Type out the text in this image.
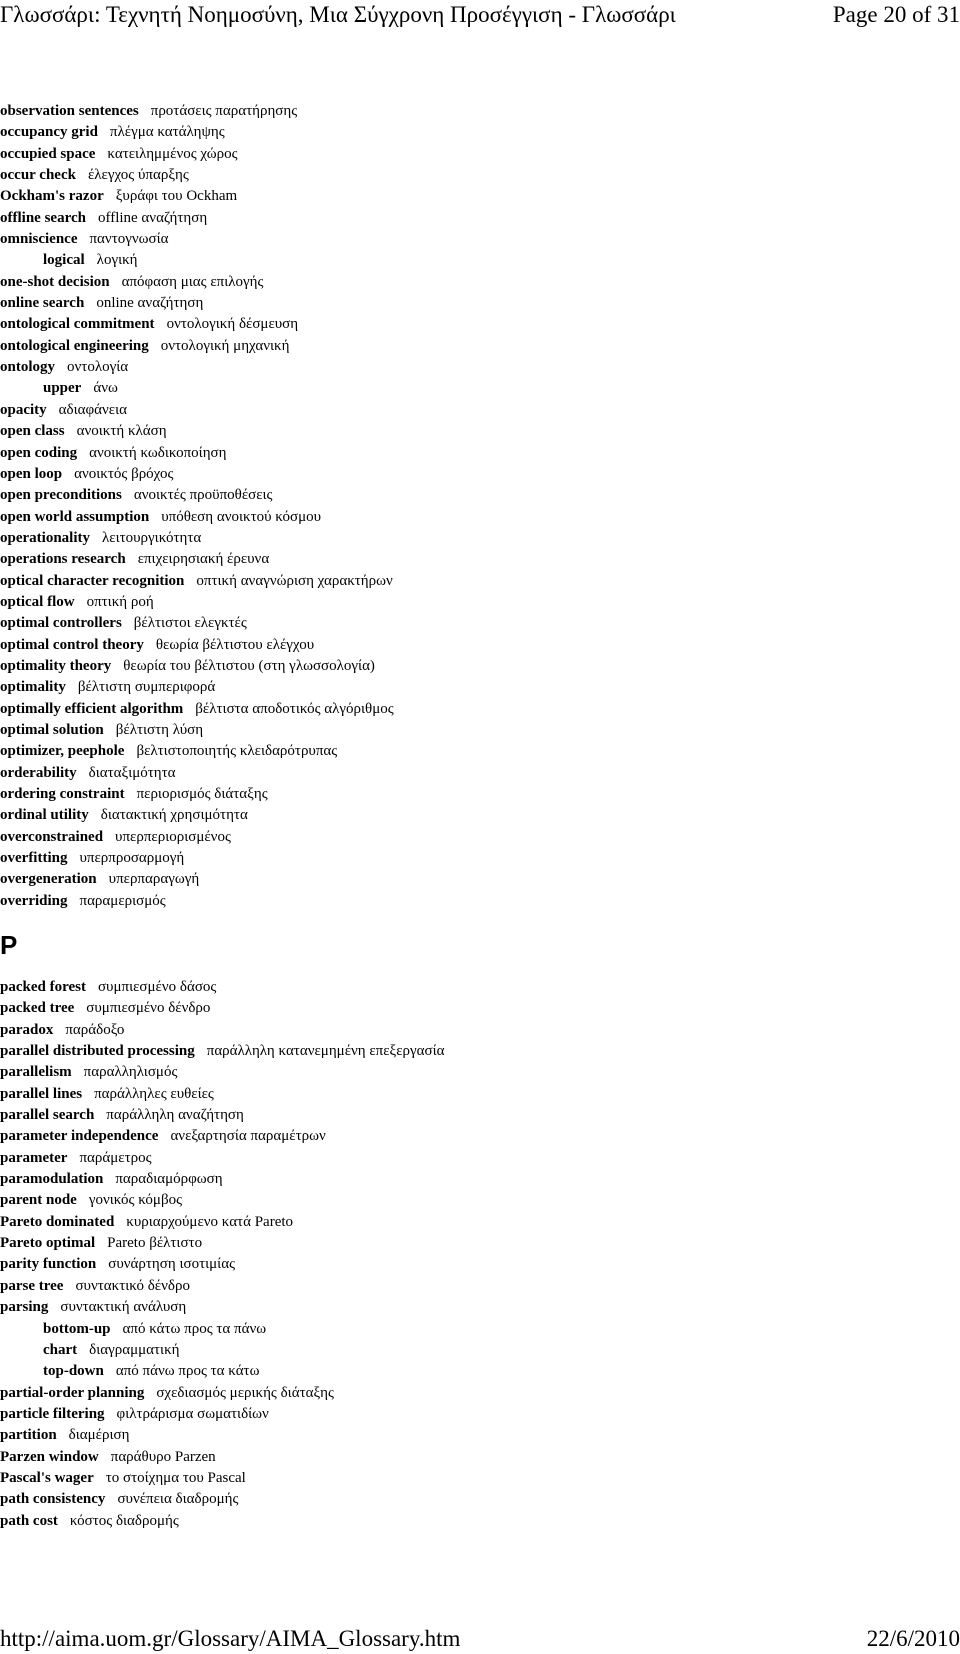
Γλωσσάρι: Τεχνητή Νοημοσύνη, Μια Σύγχρονη Προσέγγιση - Γλωσσάρι	Page 20 of 31
observation sentences προτάσεις παρατήρησης
occupancy grid πλέγμα κατάληψης
occupied space κατειλημμένος χώρος
occur check έλεγχος ύπαρξης
Ockham's razor ξυράφι του Ockham
offline search offline αναζήτηση
omniscience παντογνωσία
logical λογική
one-shot decision απόφαση μιας επιλογής
online search online αναζήτηση
ontological commitment οντολογική δέσμευση
ontological engineering οντολογική μηχανική
ontology οντολογία
upper άνω
opacity αδιαφάνεια
open class ανοικτή κλάση
open coding ανοικτή κωδικοποίηση
open loop ανοικτός βρόχος
open preconditions ανοικτές προϋποθέσεις
open world assumption υπόθεση ανοικτού κόσμου
operationality λειτουργικότητα
operations research επιχειρησιακή έρευνα
optical character recognition οπτική αναγνώριση χαρακτήρων
optical flow οπτική ροή
optimal controllers βέλτιστοι ελεγκτές
optimal control theory θεωρία βέλτιστου ελέγχου
optimality theory θεωρία του βέλτιστου (στη γλωσσολογία)
optimality βέλτιστη συμπεριφορά
optimally efficient algorithm βέλτιστα αποδοτικός αλγόριθμος
optimal solution βέλτιστη λύση
optimizer, peephole βελτιστοποιητής κλειδαρότρυπας
orderability διαταξιμότητα
ordering constraint περιορισμός διάταξης
ordinal utility διατακτική χρησιμότητα
overconstrained υπερπεριορισμένος
overfitting υπερπροσαρμογή
overgeneration υπερπαραγωγή
overriding παραμερισμός
P
packed forest συμπιεσμένο δάσος
packed tree συμπιεσμένο δένδρο
paradox παράδοξο
parallel distributed processing παράλληλη κατανεμημένη επεξεργασία
parallelism παραλληλισμός
parallel lines παράλληλες ευθείες
parallel search παράλληλη αναζήτηση
parameter independence ανεξαρτησία παραμέτρων
parameter παράμετρος
paramodulation παραδιαμόρφωση
parent node γονικός κόμβος
Pareto dominated κυριαρχούμενο κατά Pareto
Pareto optimal Pareto βέλτιστο
parity function συνάρτηση ισοτιμίας
parse tree συντακτικό δένδρο
parsing συντακτική ανάλυση
bottom-up από κάτω προς τα πάνω
chart διαγραμματική
top-down από πάνω προς τα κάτω
partial-order planning σχεδιασμός μερικής διάταξης
particle filtering φιλτράρισμα σωματιδίων
partition διαμέριση
Parzen window παράθυρο Parzen
Pascal's wager το στοίχημα του Pascal
path consistency συνέπεια διαδρομής
path cost κόστος διαδρομής
http://aima.uom.gr/Glossary/AIMA_Glossary.htm	22/6/2010
